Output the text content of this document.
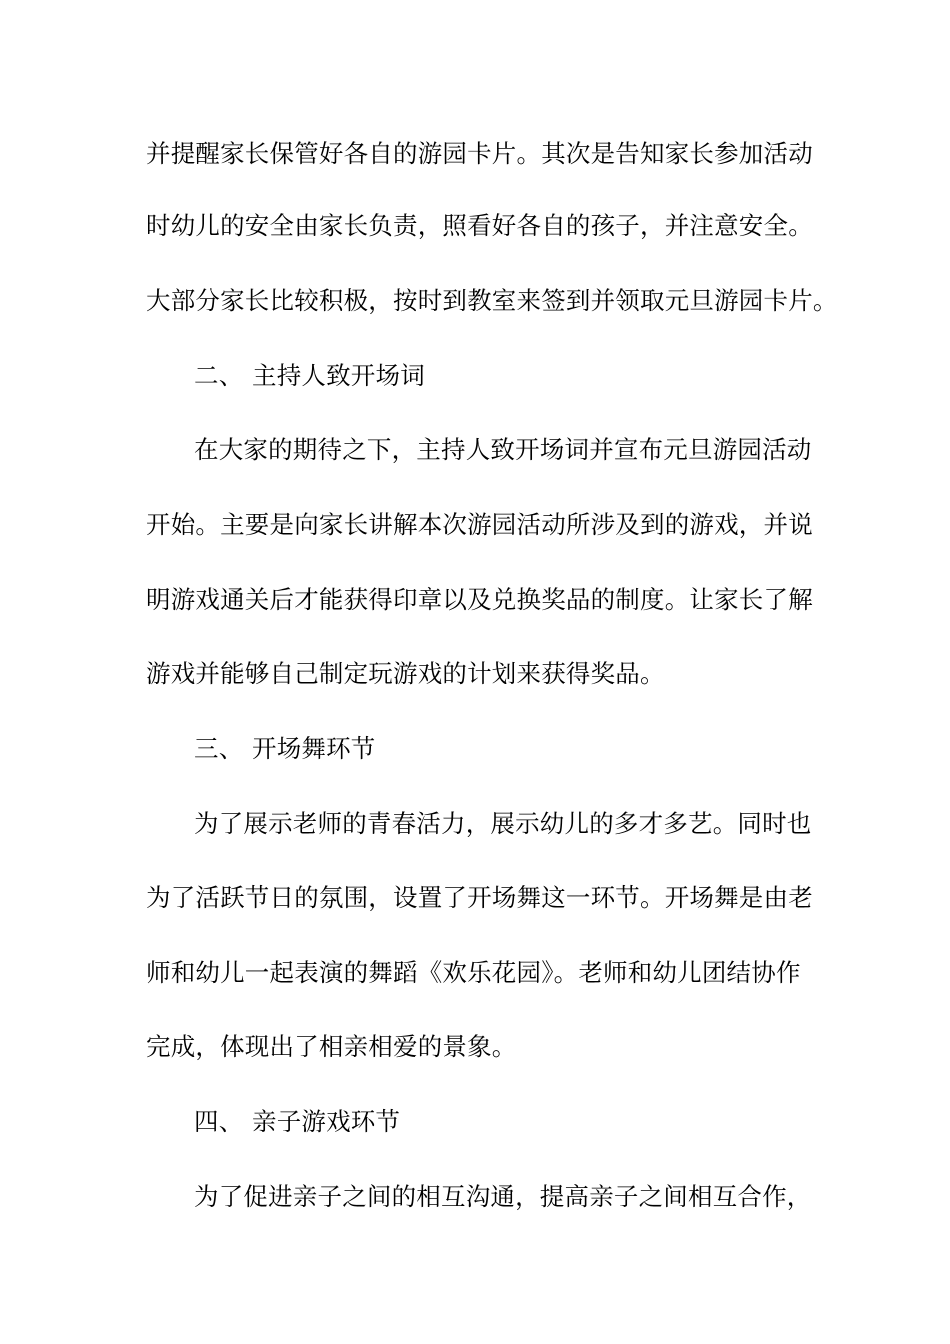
并提醒家长保管好各自的游园卡片。其次是告知家长参加活动
时幼儿的安全由家长负责，照看好各自的孩子，并注意安全。
大部分家长比较积极，按时到教室来签到并领取元旦游园卡片。
二、 主持人致开场词
在大家的期待之下，主持人致开场词并宣布元旦游园活动
开始。主要是向家长讲解本次游园活动所涉及到的游戏，并说
明游戏通关后才能获得印章以及兑换奖品的制度。让家长了解
游戏并能够自己制定玩游戏的计划来获得奖品。
三、 开场舞环节
为了展示老师的青春活力，展示幼儿的多才多艺。同时也
为了活跃节日的氛围，设置了开场舞这一环节。开场舞是由老
师和幼儿一起表演的舞蹈《欢乐花园》。老师和幼儿团结协作
完成，体现出了相亲相爱的景象。
四、 亲子游戏环节
为了促进亲子之间的相互沟通，提高亲子之间相互合作，
